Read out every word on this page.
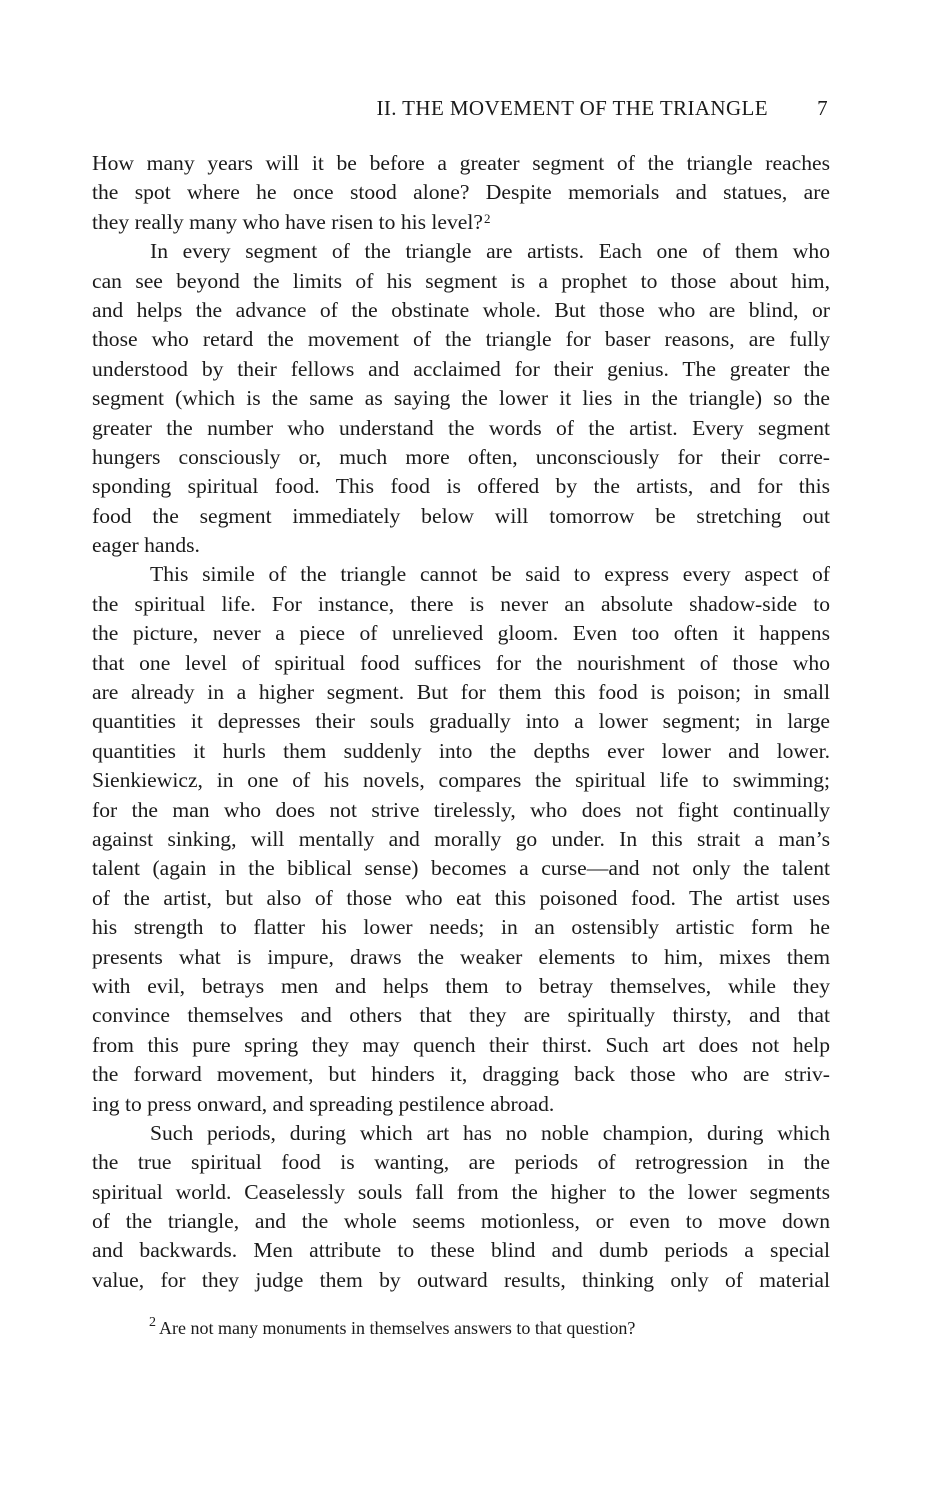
II. THE MOVEMENT OF THE TRIANGLE 7
How many years will it be before a greater segment of the triangle reaches
the spot where he once stood alone? Despite memorials and statues, are
they really many who have risen to his level?$^2$
In every segment of the triangle are artists. Each one of them who
can see beyond the limits of his segment is a prophet to those about him,
and helps the advance of the obstinate whole. But those who are blind, or
those who retard the movement of the triangle for baser reasons, are fully
understood by their fellows and acclaimed for their genius. The greater the
segment (which is the same as saying the lower it lies in the triangle) so the
greater the number who understand the words of the artist. Every segment
hungers consciously or, much more often, unconsciously for their corre-
sponding spiritual food. This food is offered by the artists, and for this
food the segment immediately below will tomorrow be stretching out
eager hands.
This simile of the triangle cannot be said to express every aspect of
the spiritual life. For instance, there is never an absolute shadow-side to
the picture, never a piece of unrelieved gloom. Even too often it happens
that one level of spiritual food suffices for the nourishment of those who
are already in a higher segment. But for them this food is poison; in small
quantities it depresses their souls gradually into a lower segment; in large
quantities it hurls them suddenly into the depths ever lower and lower.
Sienkiewicz, in one of his novels, compares the spiritual life to swimming;
for the man who does not strive tirelessly, who does not fight continually
against sinking, will mentally and morally go under. In this strait a man’s
talent (again in the biblical sense) becomes a curse—and not only the talent
of the artist, but also of those who eat this poisoned food. The artist uses
his strength to flatter his lower needs; in an ostensibly artistic form he
presents what is impure, draws the weaker elements to him, mixes them
with evil, betrays men and helps them to betray themselves, while they
convince themselves and others that they are spiritually thirsty, and that
from this pure spring they may quench their thirst. Such art does not help
the forward movement, but hinders it, dragging back those who are striv-
ing to press onward, and spreading pestilence abroad.
Such periods, during which art has no noble champion, during which
the true spiritual food is wanting, are periods of retrogression in the
spiritual world. Ceaselessly souls fall from the higher to the lower segments
of the triangle, and the whole seems motionless, or even to move down
and backwards. Men attribute to these blind and dumb periods a special
value, for they judge them by outward results, thinking only of material
$^2$ Are not many monuments in themselves answers to that question?
